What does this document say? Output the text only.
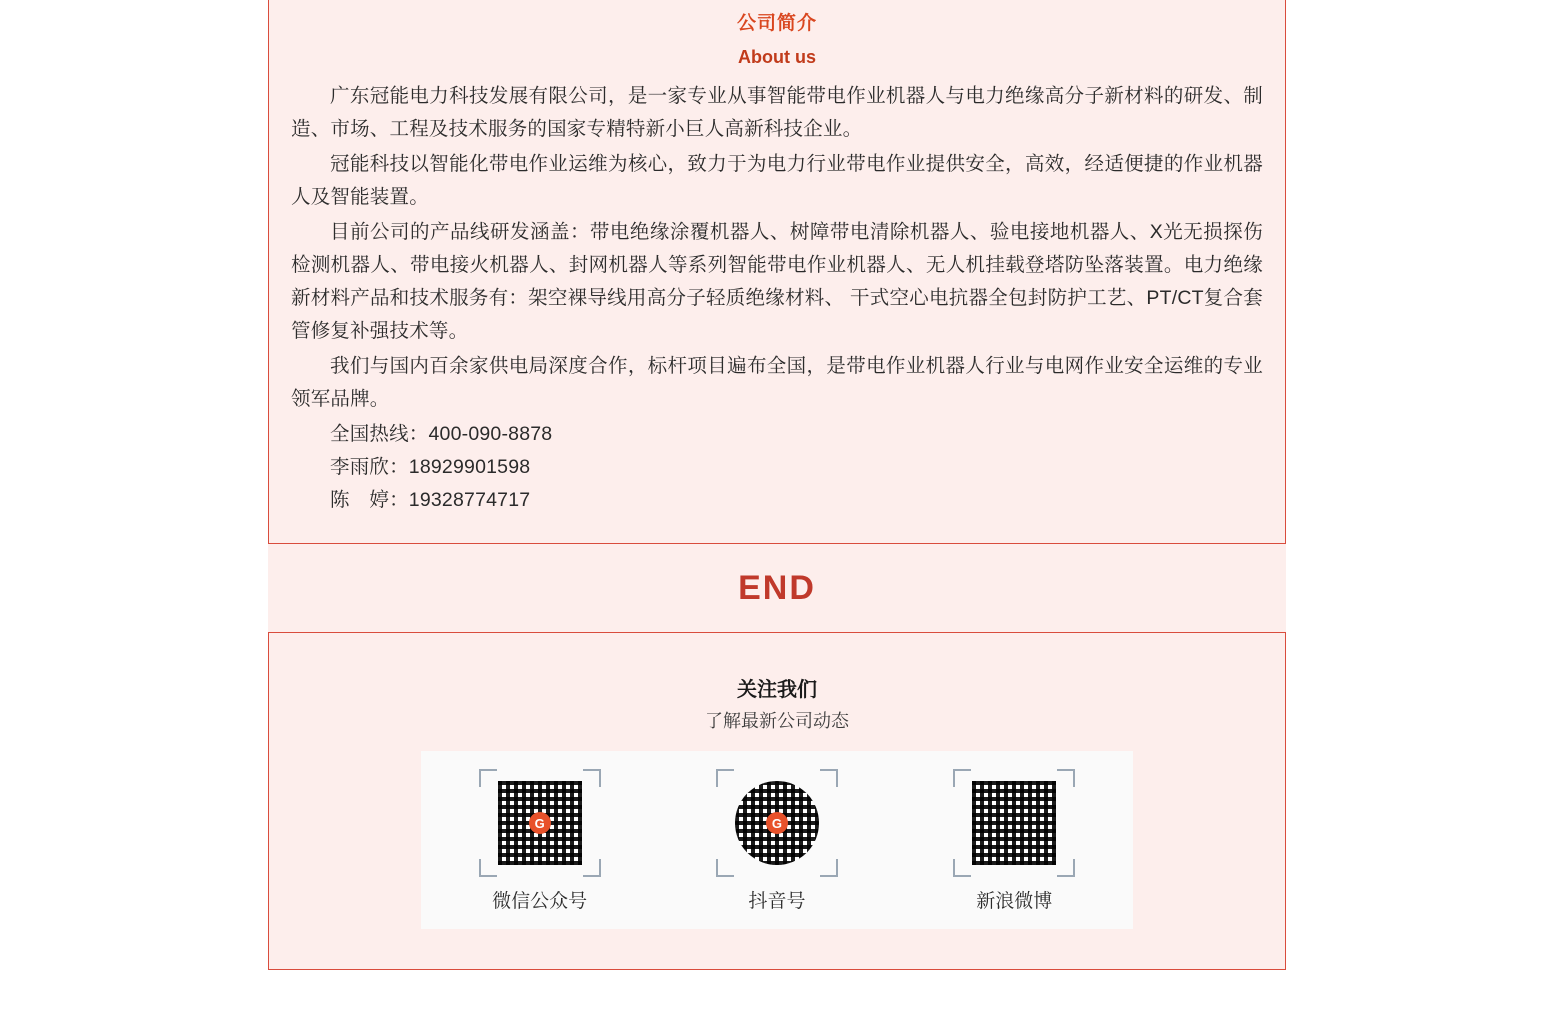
公司简介
About us

广东冠能电力科技发展有限公司，是一家专业从事智能带电作业机器人与电力绝缘高分子新材料的研发、制造、市场、工程及技术服务的国家专精特新小巨人高新科技企业。

冠能科技以智能化带电作业运维为核心，致力于为电力行业带电作业提供安全，高效，经适便捷的作业机器人及智能装置。

目前公司的产品线研发涵盖：带电绝缘涂覆机器人、树障带电清除机器人、验电接地机器人、X光无损探伤检测机器人、带电接火机器人、封网机器人等系列智能带电作业机器人、无人机挂载登塔防坠落装置。电力绝缘新材料产品和技术服务有：架空裸导线用高分子轻质绝缘材料、 干式空心电抗器全包封防护工艺、PT/CT复合套管修复补强技术等。

我们与国内百余家供电局深度合作，标杆项目遍布全国，是带电作业机器人行业与电网作业安全运维的专业领军品牌。

全国热线：400-090-8878

李雨欣：18929901598

陈　婷：19328774717

END
关注我们
了解最新公司动态
G
微信公众号
G
抖音号	新浪微博
